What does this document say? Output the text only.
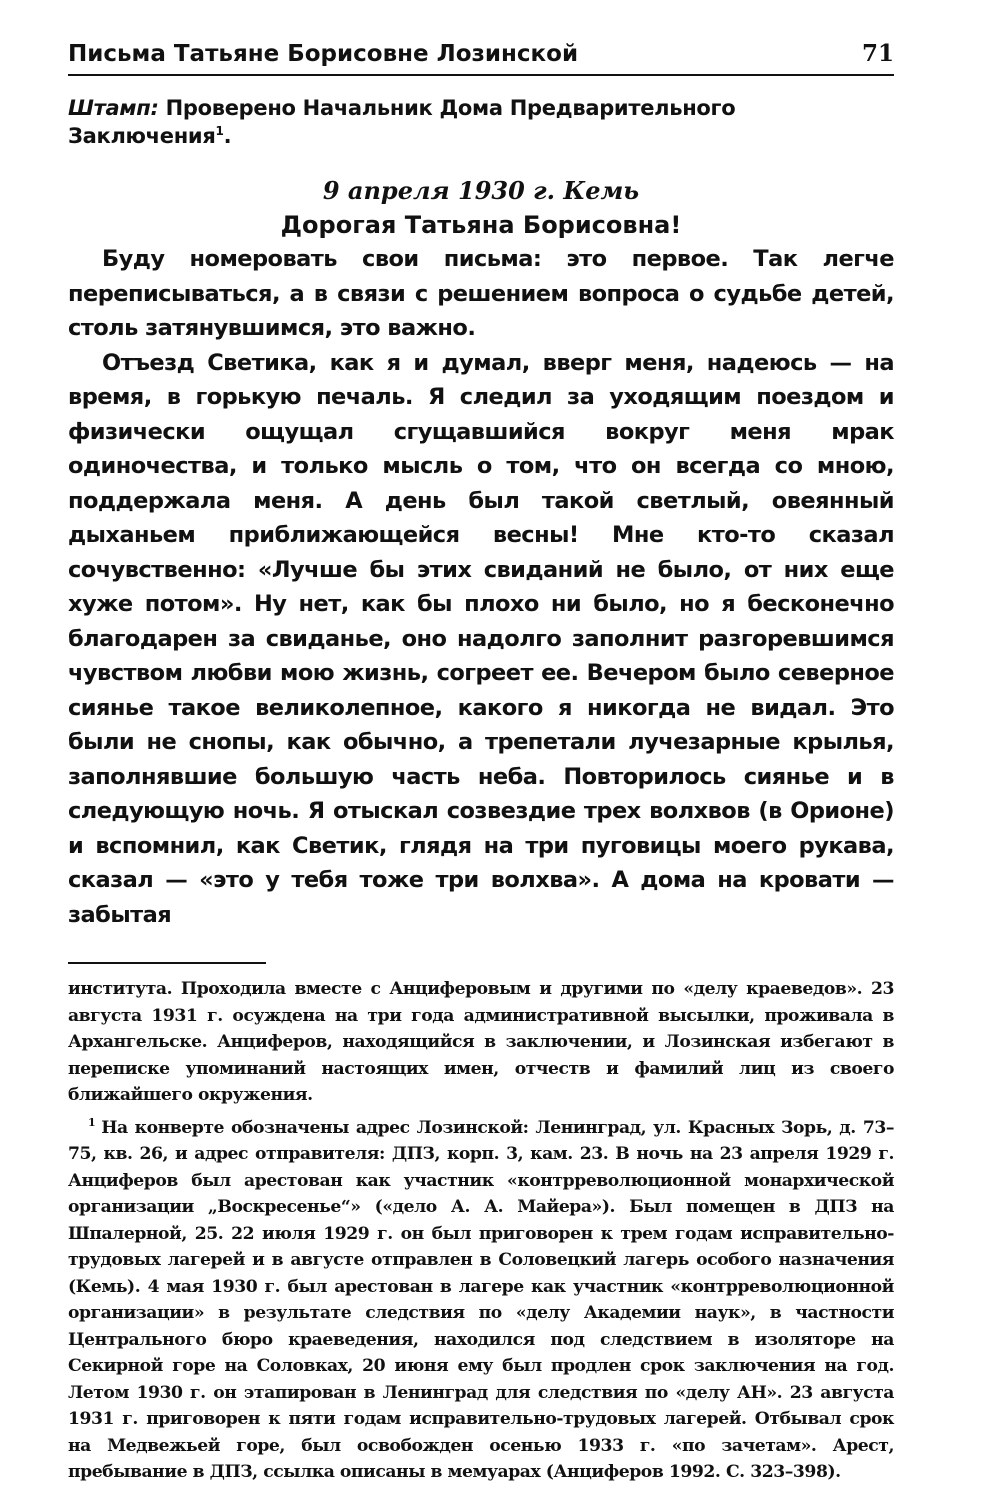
Письма Татьяне Борисовне Лозинской	71
Штамп: Проверено Начальник Дома Предварительного Заключения$^1$.
9 апреля 1930 г. Кемь
Дорогая Татьяна Борисовна!

Буду номеровать свои письма: это первое. Так легче переписываться, а в связи с решением вопроса о судьбе детей, столь затянувшимся, это важно.

Отъезд Светика, как я и думал, вверг меня, надеюсь — на время, в горькую печаль. Я следил за уходящим поездом и физически ощущал сгущавшийся вокруг меня мрак одиночества, и только мысль о том, что он всегда со мною, поддержала меня. А день был такой светлый, овеянный дыханьем приближающейся весны! Мне кто-то сказал сочувственно: «Лучше бы этих свиданий не было, от них еще хуже потом». Ну нет, как бы плохо ни было, но я бесконечно благодарен за свиданье, оно надолго заполнит разгоревшимся чувством любви мою жизнь, согреет ее. Вечером было северное сиянье такое великолепное, какого я никогда не видал. Это были не снопы, как обычно, а трепетали лучезарные крылья, заполнявшие большую часть неба. Повторилось сиянье и в следующую ночь. Я отыскал созвездие трех волхвов (в Орионе) и вспомнил, как Светик, глядя на три пуговицы моего рукава, сказал — «это у тебя тоже три волхва». А дома на кровати — забытая

института. Проходила вместе с Анциферовым и другими по «делу краеведов». 23 августа 1931 г. осуждена на три года административной высылки, проживала в Архангельске. Анциферов, находящийся в заключении, и Лозинская избегают в переписке упоминаний настоящих имен, отчеств и фамилий лиц из своего ближайшего окружения.

$^1$ На конверте обозначены адрес Лозинской: Ленинград, ул. Красных Зорь, д. 73–75, кв. 26, и адрес отправителя: ДПЗ, корп. 3, кам. 23. В ночь на 23 апреля 1929 г. Анциферов был арестован как участник «контрреволюционной монархической организации „Воскресенье“» («дело А. А. Майера»). Был помещен в ДПЗ на Шпалерной, 25. 22 июля 1929 г. он был приговорен к трем годам исправительно-трудовых лагерей и в августе отправлен в Соловецкий лагерь особого назначения (Кемь). 4 мая 1930 г. был арестован в лагере как участник «контрреволюционной организации» в результате следствия по «делу Академии наук», в частности Центрального бюро краеведения, находился под следствием в изоляторе на Секирной горе на Соловках, 20 июня ему был продлен срок заключения на год. Летом 1930 г. он этапирован в Ленинград для следствия по «делу АН». 23 августа 1931 г. приговорен к пяти годам исправительно-трудовых лагерей. Отбывал срок на Медвежьей горе, был освобожден осенью 1933 г. «по зачетам». Арест, пребывание в ДПЗ, ссылка описаны в мемуарах (Анциферов 1992. С. 323–398).
